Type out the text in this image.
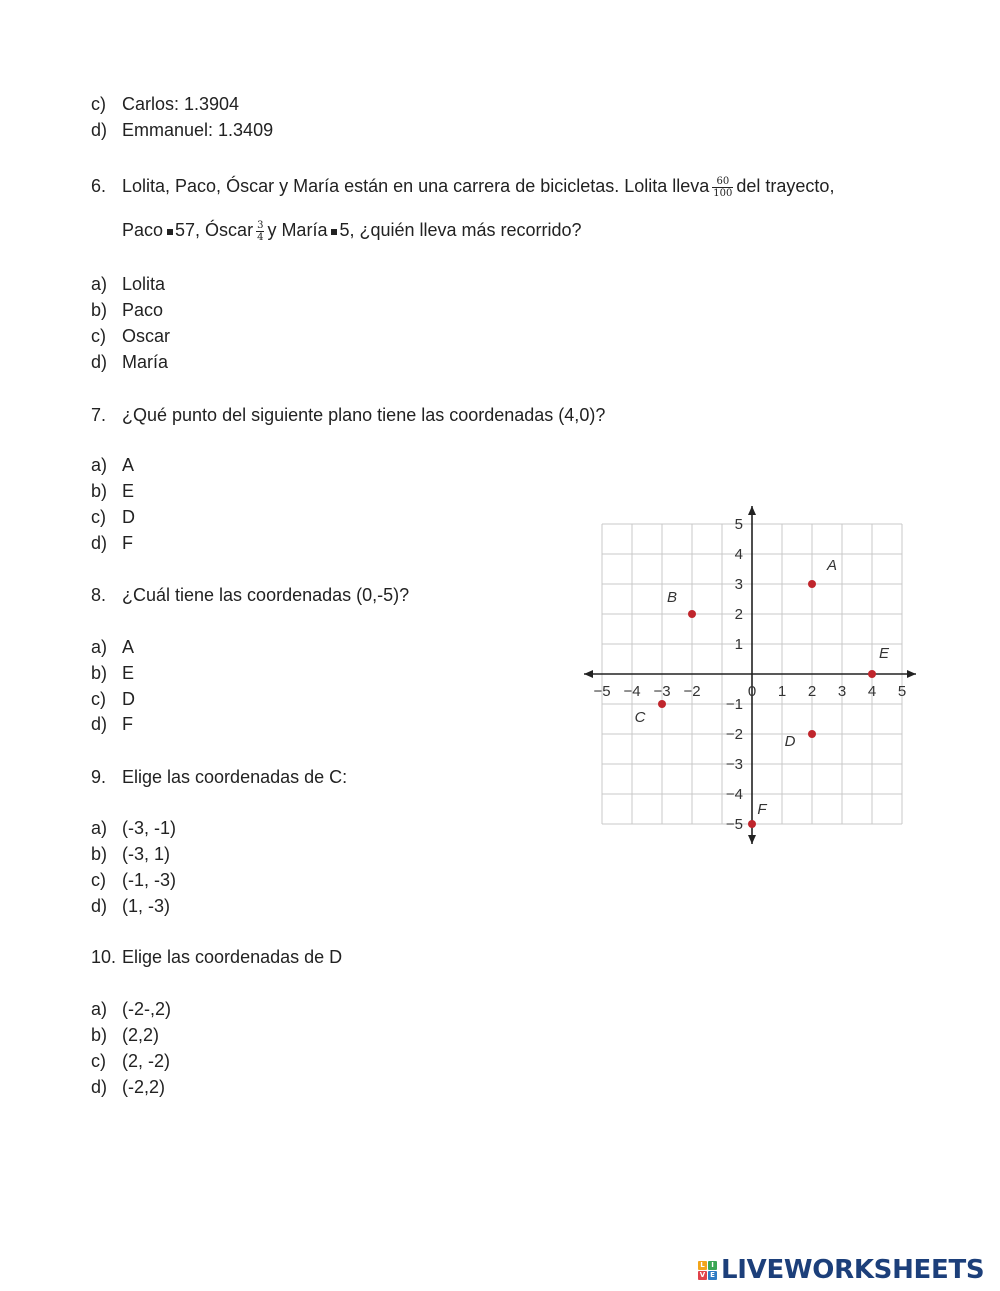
c) Carlos: 1.3904
d) Emmanuel: 1.3409
6. Lolita, Paco, Óscar y María están en una carrera de bicicletas. Lolita lleva $\frac{60}{100}$ del trayecto,
Paco 57, Óscar $\frac{3}{4}$ y María 5, ¿quién lleva más recorrido?
a) Lolita
b) Paco
c) Oscar
d) María
7. ¿Qué punto del siguiente plano tiene las coordenadas (4,0)?
a) A
b) E
c) D
d) F
8. ¿Cuál tiene las coordenadas (0,-5)?
a) A
b) E
c) D
d) F
9. Elige las coordenadas de C:
a) (-3, -1)
b) (-3, 1)
c) (-1, -3)
d) (1, -3)
10. Elige las coordenadas de D
a) (-2-,2)
b) (2,2)
c) (2, -2)
d) (-2,2)
−5 −4 −3 −2	0 1 2 3 4 5
5
4
3
2
1
−1
−2
−3
−4
−5
A
B
C
D
E
F
L I
V E LIVEWORKSHEETS
